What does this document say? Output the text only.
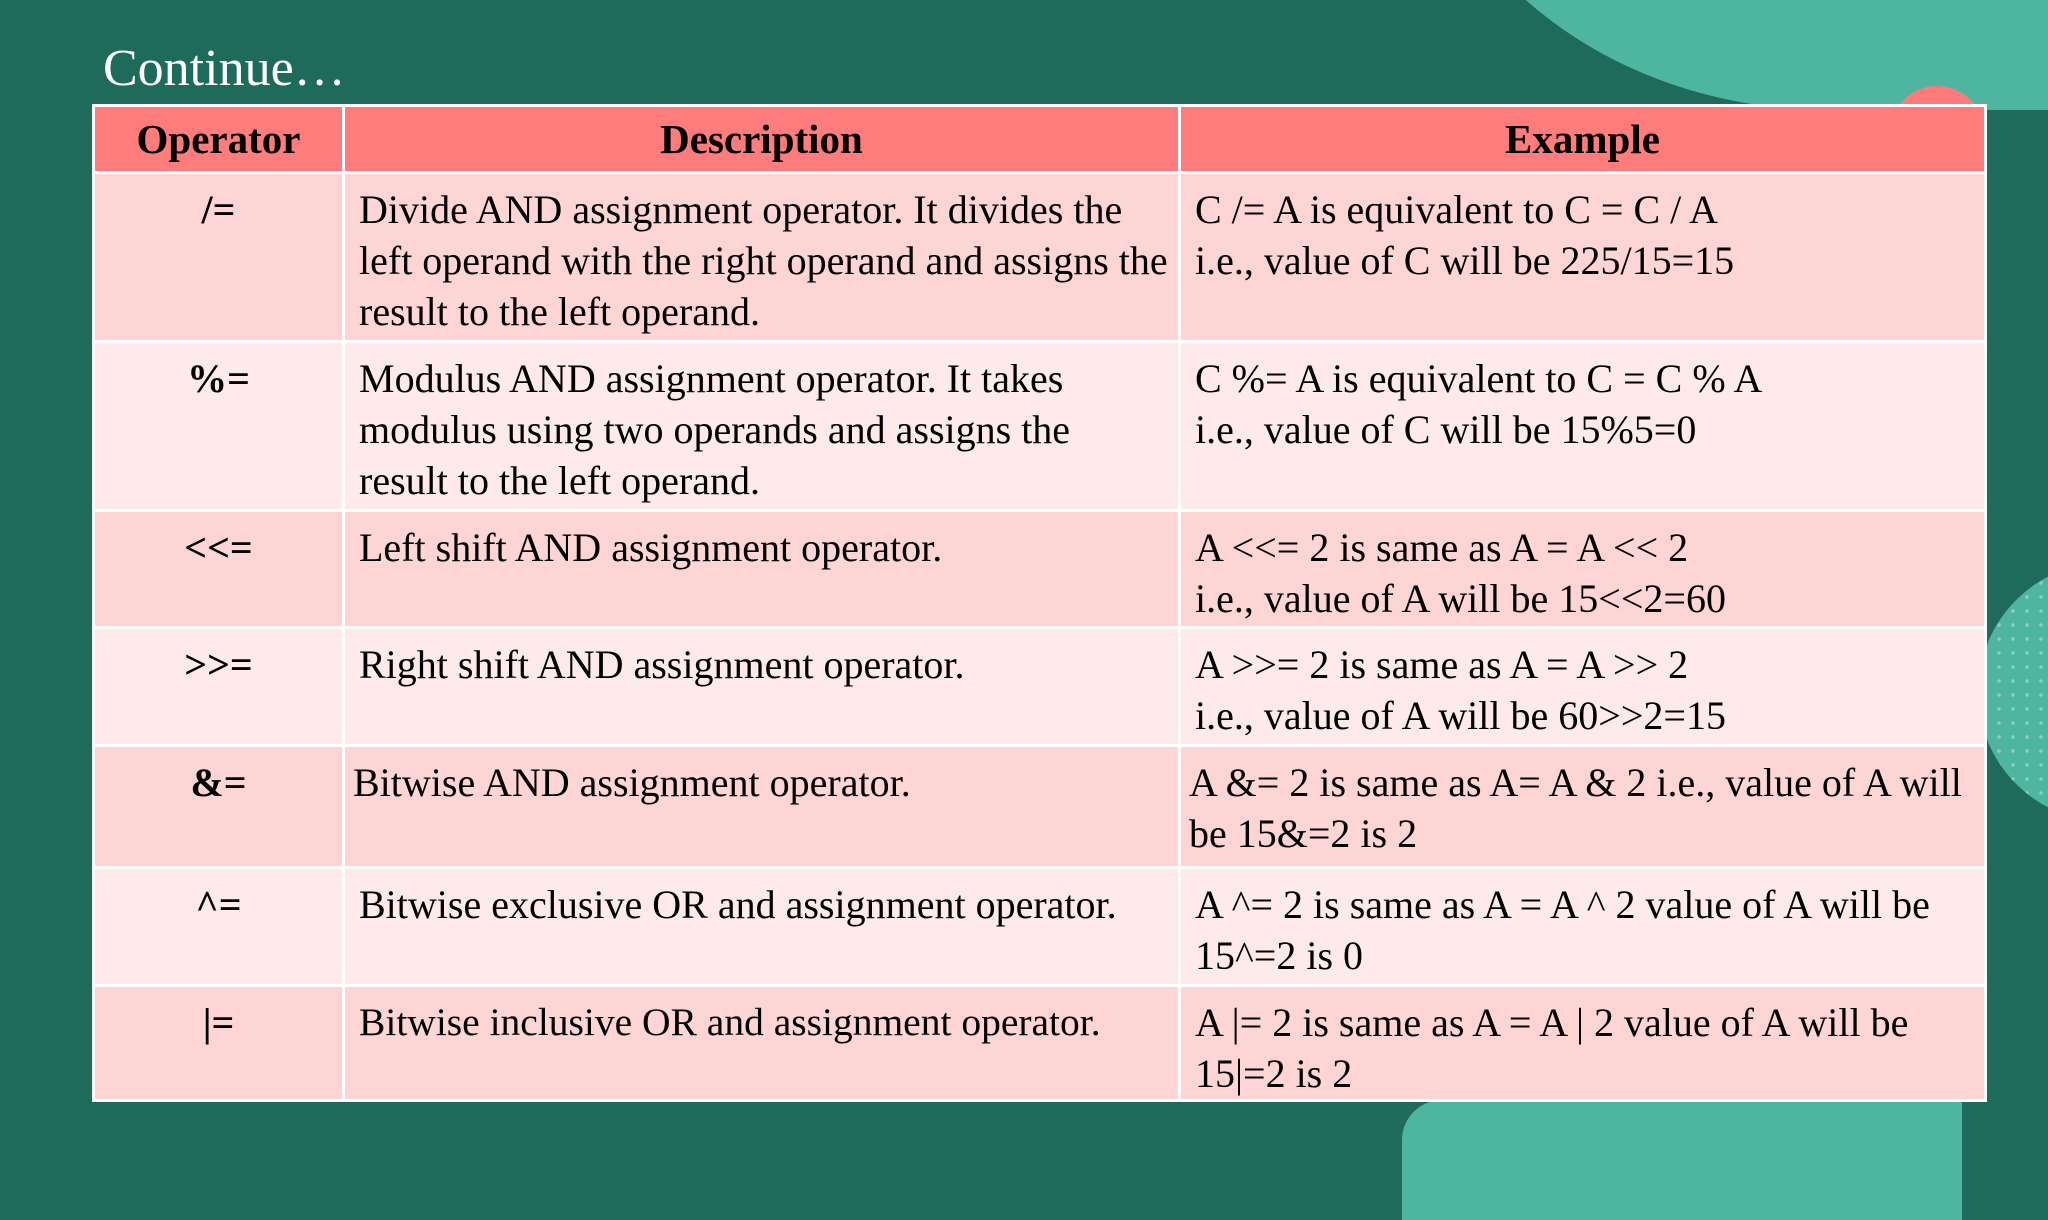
Continue…
Operator	Description	Example
/=	Divide AND assignment operator. It divides the left operand with the right operand and assigns the result to the left operand.	C /= A is equivalent to C = C / A
i.e., value of C will be 225/15=15

%=	Modulus AND assignment operator. It takes modulus using two operands and assigns the result to the left operand.	C %= A is equivalent to C = C % A
i.e., value of C will be 15%5=0

<<=	Left shift AND assignment operator.	A <<= 2 is same as A = A << 2
i.e., value of A will be 15<<2=60

>>=	Right shift AND assignment operator.	A >>= 2 is same as A = A >> 2
i.e., value of A will be 60>>2=15

&=	Bitwise AND assignment operator.	A &= 2 is same as A= A & 2 i.e., value of A will be 15&=2 is 2

^=	Bitwise exclusive OR and assignment operator.	A ^= 2 is same as A = A ^ 2 value of A will be 15^=2 is 0

|=	Bitwise inclusive OR and assignment operator.	A |= 2 is same as A = A | 2 value of A will be 15|=2 is 2
